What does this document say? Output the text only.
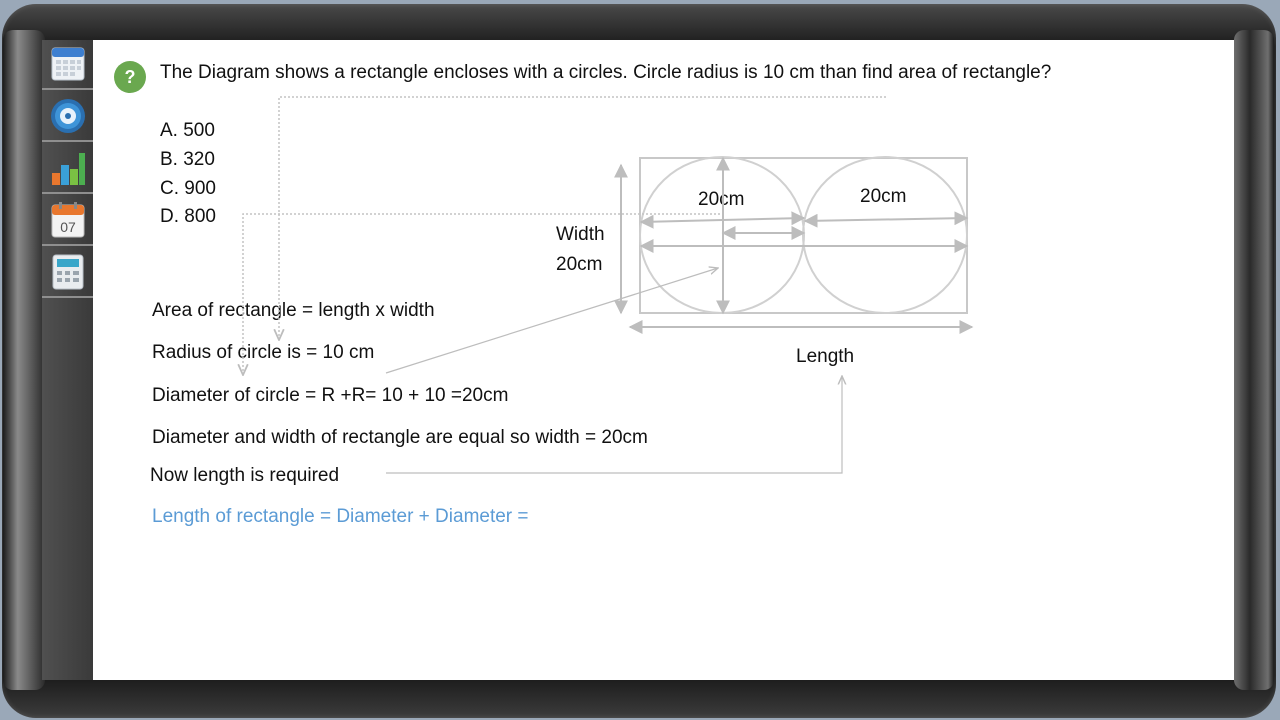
07
?	The Diagram shows a rectangle encloses with a circles. Circle radius is 10 cm than find area of rectangle?
A. 500
B. 320
C. 900
D. 800
Area of rectangle = length x width
Radius of circle is = 10 cm
Diameter of circle = R +R= 10 + 10 =20cm
Diameter and width of rectangle are equal so width = 20cm
Now length is required
Length of rectangle = Diameter + Diameter =
20cm	20cm
Width
20cm
Length
